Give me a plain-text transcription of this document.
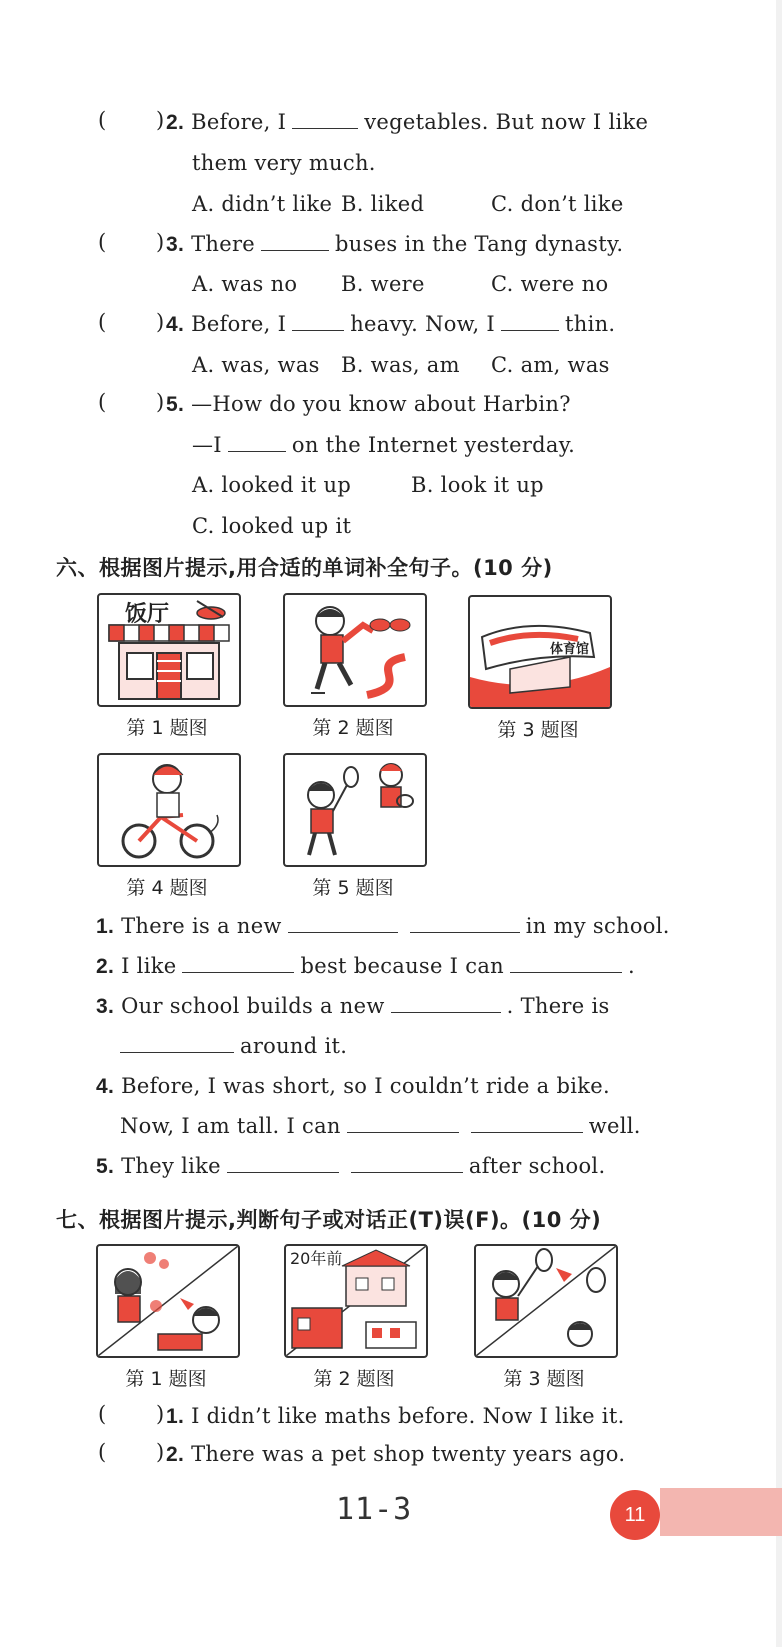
( ) 2. Before, I	vegetables. But now I like
them very much.
A. didn’t like B. liked	C. don’t like
( ) 3. There	buses in the Tang dynasty.
A. was no B. were	C. were no
( ) 4. Before, I	heavy. Now, I	thin.
A. was, was B. was, am C. am, was
( ) 5. —How do you know about Harbin?
—I	on the Internet yesterday.
A. looked it up	B. look it up
C. looked up it
六、根据图片提示,用合适的单词补全句子。(10 分)
饭厅
第 1 题图	第 2 题图
体育馆
第 3 题图
第 4 题图	第 5 题图
1. There is a new	in my school.
2. I like	best because I can	.
3. Our school builds a new	. There is
around it.
4. Before, I was short, so I couldn’t ride a bike.
Now, I am tall. I can	well.
5. They like	after school.
七、根据图片提示,判断句子或对话正(T)误(F)。(10 分)
第 1 题图
20年前
第 2 题图	第 3 题图
( ) 1. I didn’t like maths before. Now I like it.
( ) 2. There was a pet shop twenty years ago.
11-3	11
